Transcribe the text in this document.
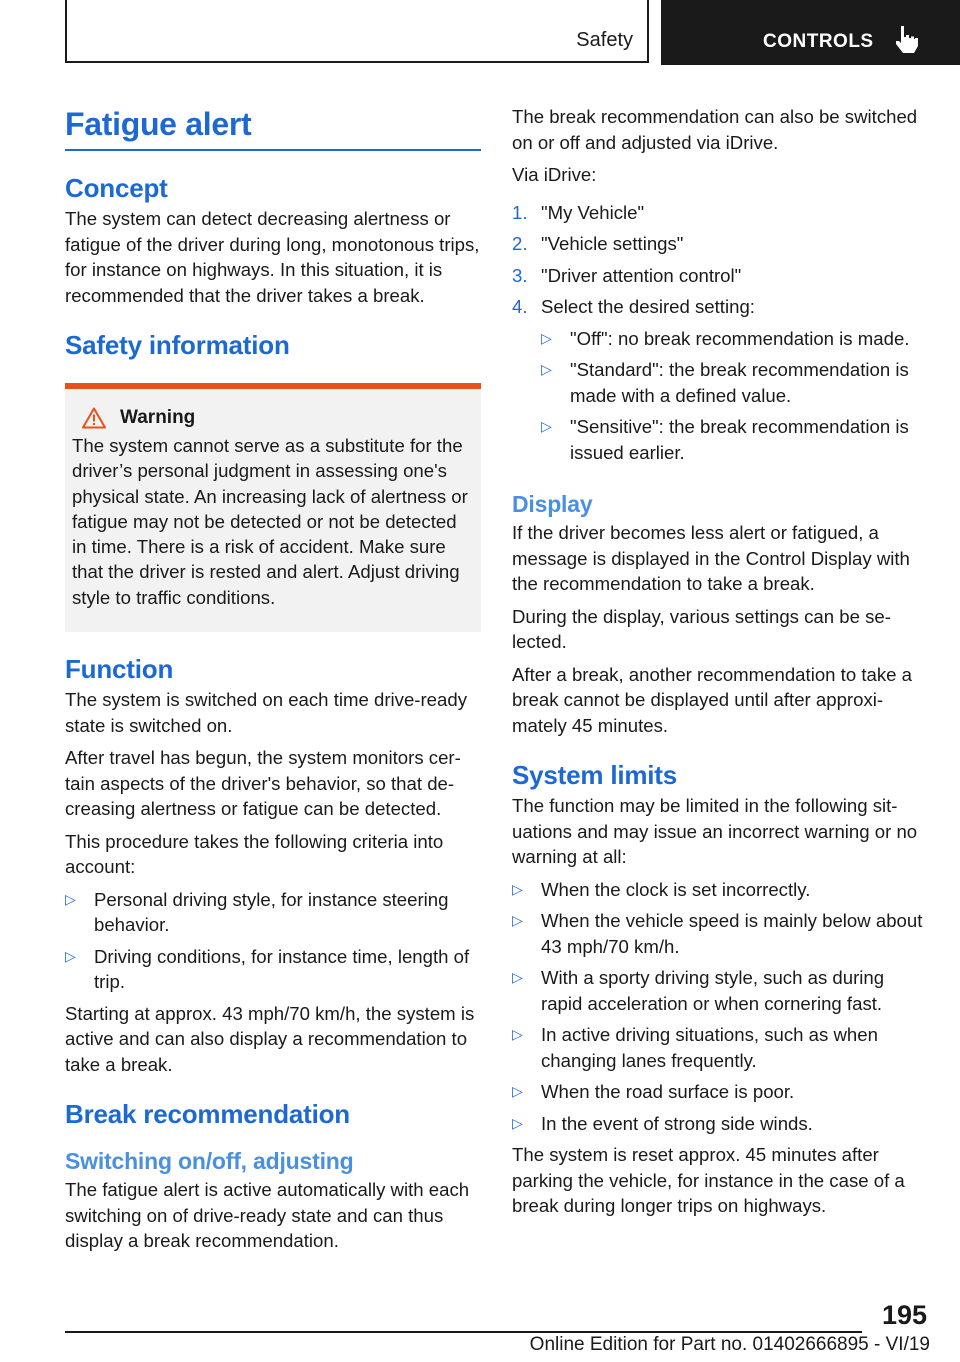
Safety	CONTROLS
Fatigue alert
Concept

The system can detect decreasing alertness or fatigue of the driver during long, monotonous trips, for instance on highways. In this situation, it is recommended that the driver takes a break.

Safety information
Warning

The system cannot serve as a substitute for the driver’s personal judgment in assessing one's physical state. An increasing lack of alertness or fatigue may not be detected or not be detected in time. There is a risk of accident. Make sure that the driver is rested and alert. Adjust driving style to traffic conditions.

Function

The system is switched on each time drive-ready state is switched on.

After travel has begun, the system monitors certain aspects of the driver's behavior, so that decreasing alertness or fatigue can be detected.

This procedure takes the following criteria into account:

▷ Personal driving style, for instance steering behavior.
▷ Driving conditions, for instance time, length of trip.

Starting at approx. 43 mph/70 km/h, the system is active and can also display a recommendation to take a break.

Break recommendation
Switching on/off, adjusting

The fatigue alert is active automatically with each switching on of drive-ready state and can thus display a break recommendation.

The break recommendation can also be switched on or off and adjusted via iDrive.

Via iDrive:

1. "My Vehicle"
2. "Vehicle settings"
3. "Driver attention control"
4. Select the desired setting:
▷ "Off": no break recommendation is made.
▷ "Standard": the break recommendation is made with a defined value.
▷ "Sensitive": the break recommendation is issued earlier.
Display

If the driver becomes less alert or fatigued, a message is displayed in the Control Display with the recommendation to take a break.

During the display, various settings can be selected.

After a break, another recommendation to take a break cannot be displayed until after approximately 45 minutes.

System limits

The function may be limited in the following situations and may issue an incorrect warning or no warning at all:

▷ When the clock is set incorrectly.
▷ When the vehicle speed is mainly below about 43 mph/70 km/h.
▷ With a sporty driving style, such as during rapid acceleration or when cornering fast.
▷ In active driving situations, such as when changing lanes frequently.
▷ When the road surface is poor.
▷ In the event of strong side winds.

The system is reset approx. 45 minutes after parking the vehicle, for instance in the case of a break during longer trips on highways.

195
Online Edition for Part no. 01402666895 - VI/19
